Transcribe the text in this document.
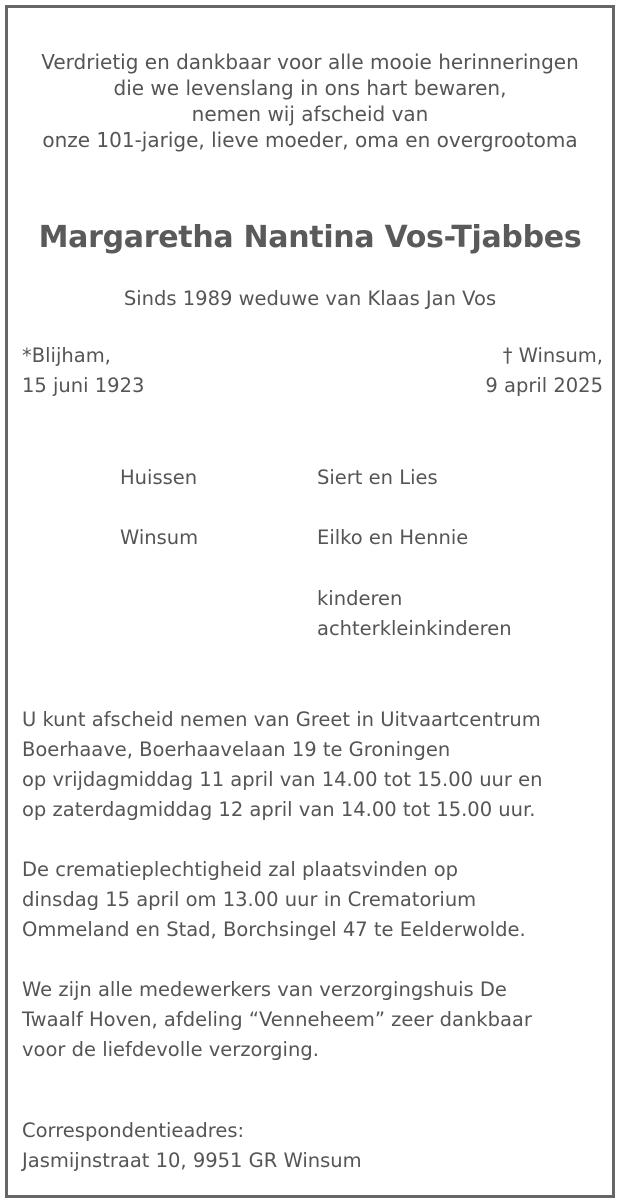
Verdrietig en dankbaar voor alle mooie herinneringen
die we levenslang in ons hart bewaren,
nemen wij afscheid van
onze 101-jarige, lieve moeder, oma en overgrootoma
Margaretha Nantina Vos-Tjabbes
Sinds 1989 weduwe van Klaas Jan Vos
*Blijham,
15 juni 1923
† Winsum,
9 april 2025
Huissen	Siert en Lies
Winsum	Eilko en Hennie
kinderen
achterkleinkinderen
U kunt afscheid nemen van Greet in Uitvaartcentrum
Boerhaave, Boerhaavelaan 19 te Groningen
op vrijdagmiddag 11 april van 14.00 tot 15.00 uur en
op zaterdagmiddag 12 april van 14.00 tot 15.00 uur.
De crematieplechtigheid zal plaatsvinden op
dinsdag 15 april om 13.00 uur in Crematorium
Ommeland en Stad, Borchsingel 47 te Eelderwolde.
We zijn alle medewerkers van verzorgingshuis De
Twaalf Hoven, afdeling “Venneheem” zeer dankbaar
voor de liefdevolle verzorging.
Correspondentieadres:
Jasmijnstraat 10, 9951 GR Winsum
